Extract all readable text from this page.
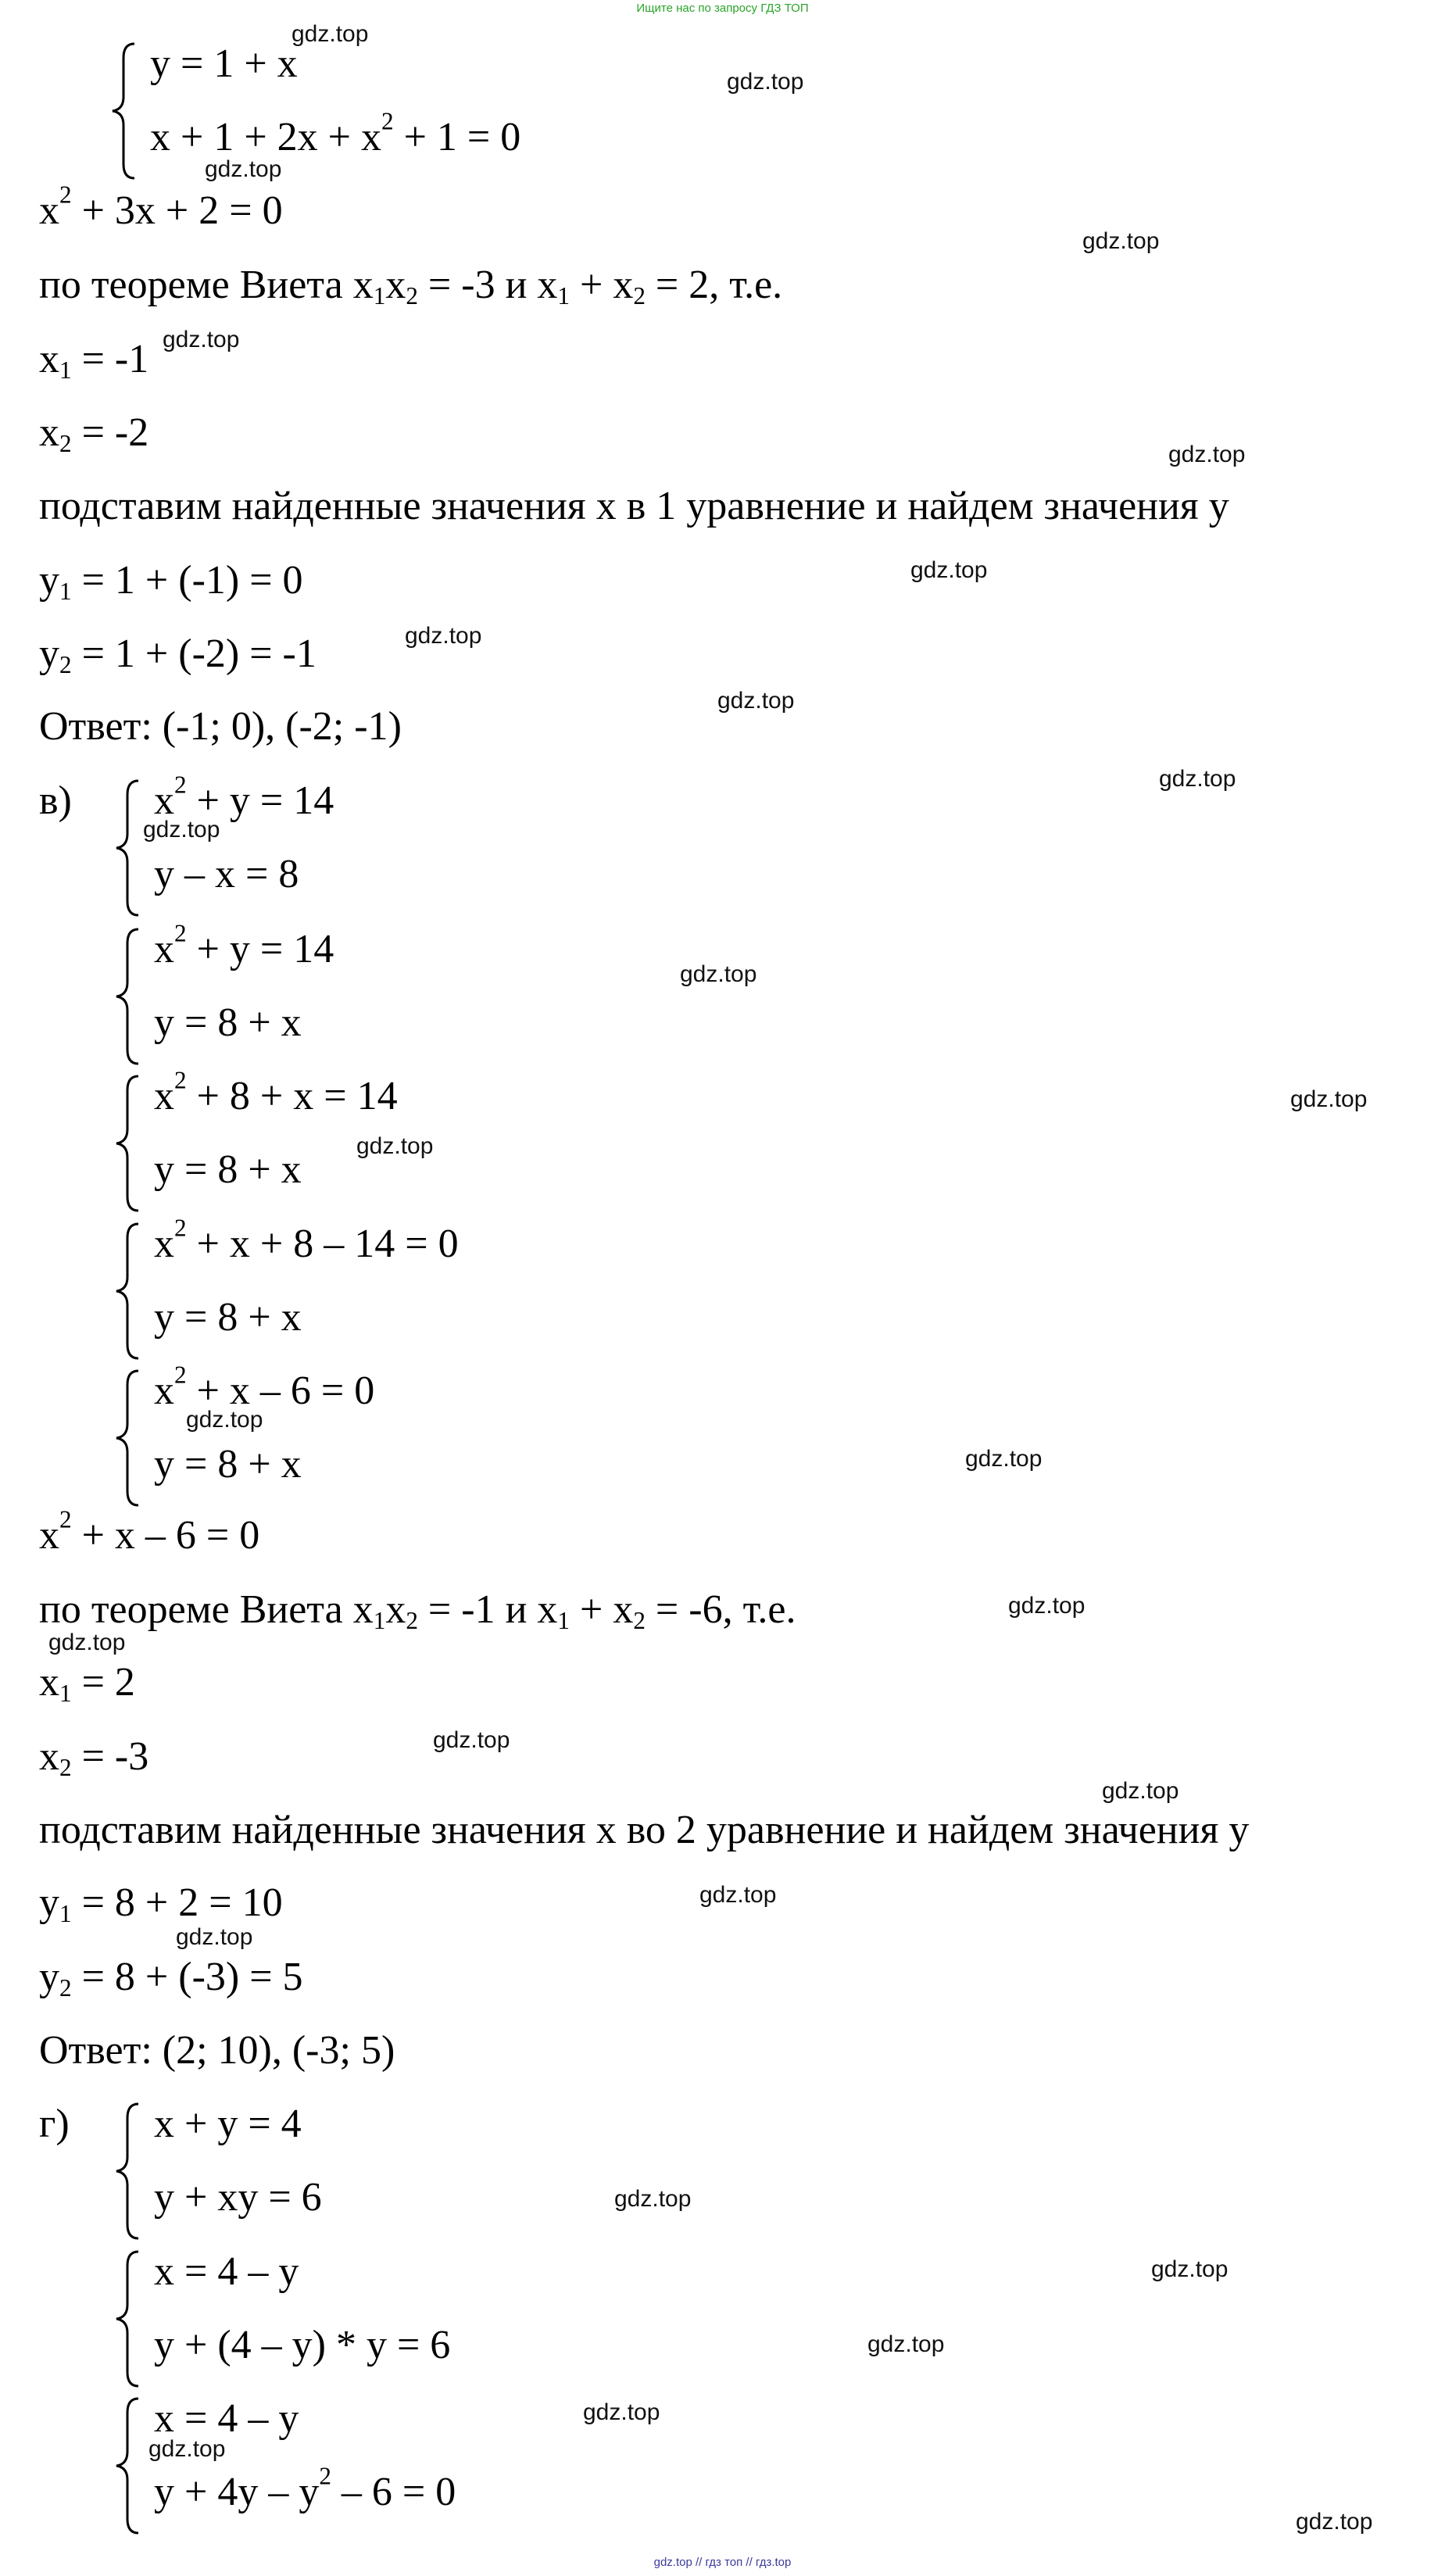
Ищите нас по запросу ГДЗ ТОП
y = 1 + x
$x + 1 + 2x + x^2 + 1 = 0$
$x^2 + 3x + 2 = 0$
по теореме Виета $x_1x_2 = -3$ и $x_1 + x_2 = 2$, т.е.
$x_1 = -1$
$x_2 = -2$
подставим найденные значения x в 1 уравнение и найдем значения y
$y_1 = 1 + (-1) = 0$
$y_2 = 1 + (-2) = -1$
Ответ: (-1; 0), (-2; -1)
в) $x^2 + y = 14$
y – x = 8
$x^2 + y = 14$
y = 8 + x
$x^2 + 8 + x = 14$
y = 8 + x
$x^2 + x + 8 - 14 = 0$
y = 8 + x
$x^2 + x - 6 = 0$
y = 8 + x
$x^2 + x - 6 = 0$
по теореме Виета $x_1x_2 = -1$ и $x_1 + x_2 = -6$, т.е.
$x_1 = 2$
$x_2 = -3$
подставим найденные значения x во 2 уравнение и найдем значения y
$y_1 = 8 + 2 = 10$
$y_2 = 8 + (-3) = 5$
Ответ: (2; 10), (-3; 5)
г) x + y = 4
y + xy = 6
x = 4 – y
y + (4 – y) * y = 6
x = 4 – y
$y + 4y - y^2 - 6 = 0$
gdz.top
gdz.top
gdz.top
gdz.top
gdz.top
gdz.top
gdz.top
gdz.top
gdz.top
gdz.top
gdz.top
gdz.top
gdz.top
gdz.top
gdz.top
gdz.top
gdz.top
gdz.top
gdz.top
gdz.top
gdz.top
gdz.top
gdz.top
gdz.top
gdz.top
gdz.top
gdz.top
gdz.top
gdz.top // гдз топ // гдз.top
